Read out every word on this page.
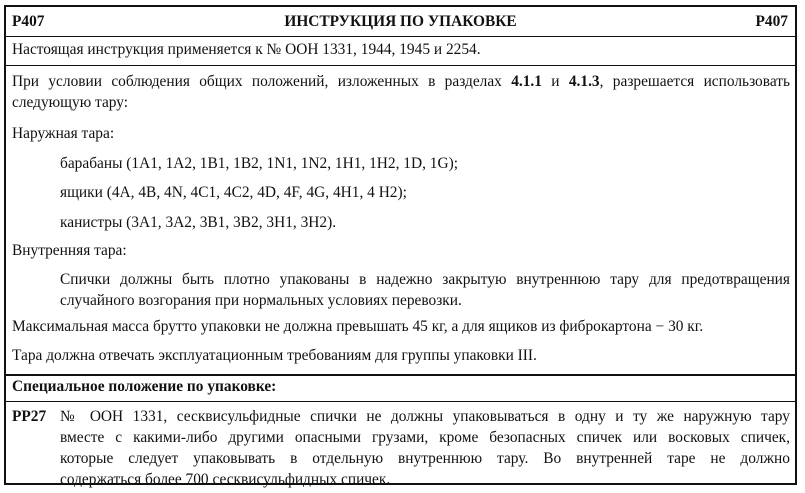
P407	ИНСТРУКЦИЯ ПО УПАКОВКЕ	P407
Настоящая инструкция применяется к № ООН 1331, 1944, 1945 и 2254.
При условии соблюдения общих положений, изложенных в разделах 4.1.1 и 4.1.3, разрешается использовать
следующую тару:
Наружная тара:
барабаны (1A1, 1A2, 1B1, 1B2, 1N1, 1N2, 1H1, 1H2, 1D, 1G);
ящики (4A, 4B, 4N, 4C1, 4C2, 4D, 4F, 4G, 4H1, 4 H2);
канистры (3A1, 3A2, 3B1, 3B2, 3H1, 3H2).
Внутренняя тара:
Спички должны быть плотно упакованы в надежно закрытую внутреннюю тару для предотвращения
случайного возгорания при нормальных условиях перевозки.
Максимальная масса брутто упаковки не должна превышать 45 кг, а для ящиков из фиброкартона − 30 кг.
Тара должна отвечать эксплуатационным требованиям для группы упаковки III.
Специальное положение по упаковке:
PP27 № ООН 1331, сесквисульфидные спички не должны упаковываться в одну и ту же наружную тару
вместе с какими-либо другими опасными грузами, кроме безопасных спичек или восковых спичек,
которые следует упаковывать в отдельную внутреннюю тару. Во внутренней таре не должно
содержаться более 700 сесквисульфидных спичек.
